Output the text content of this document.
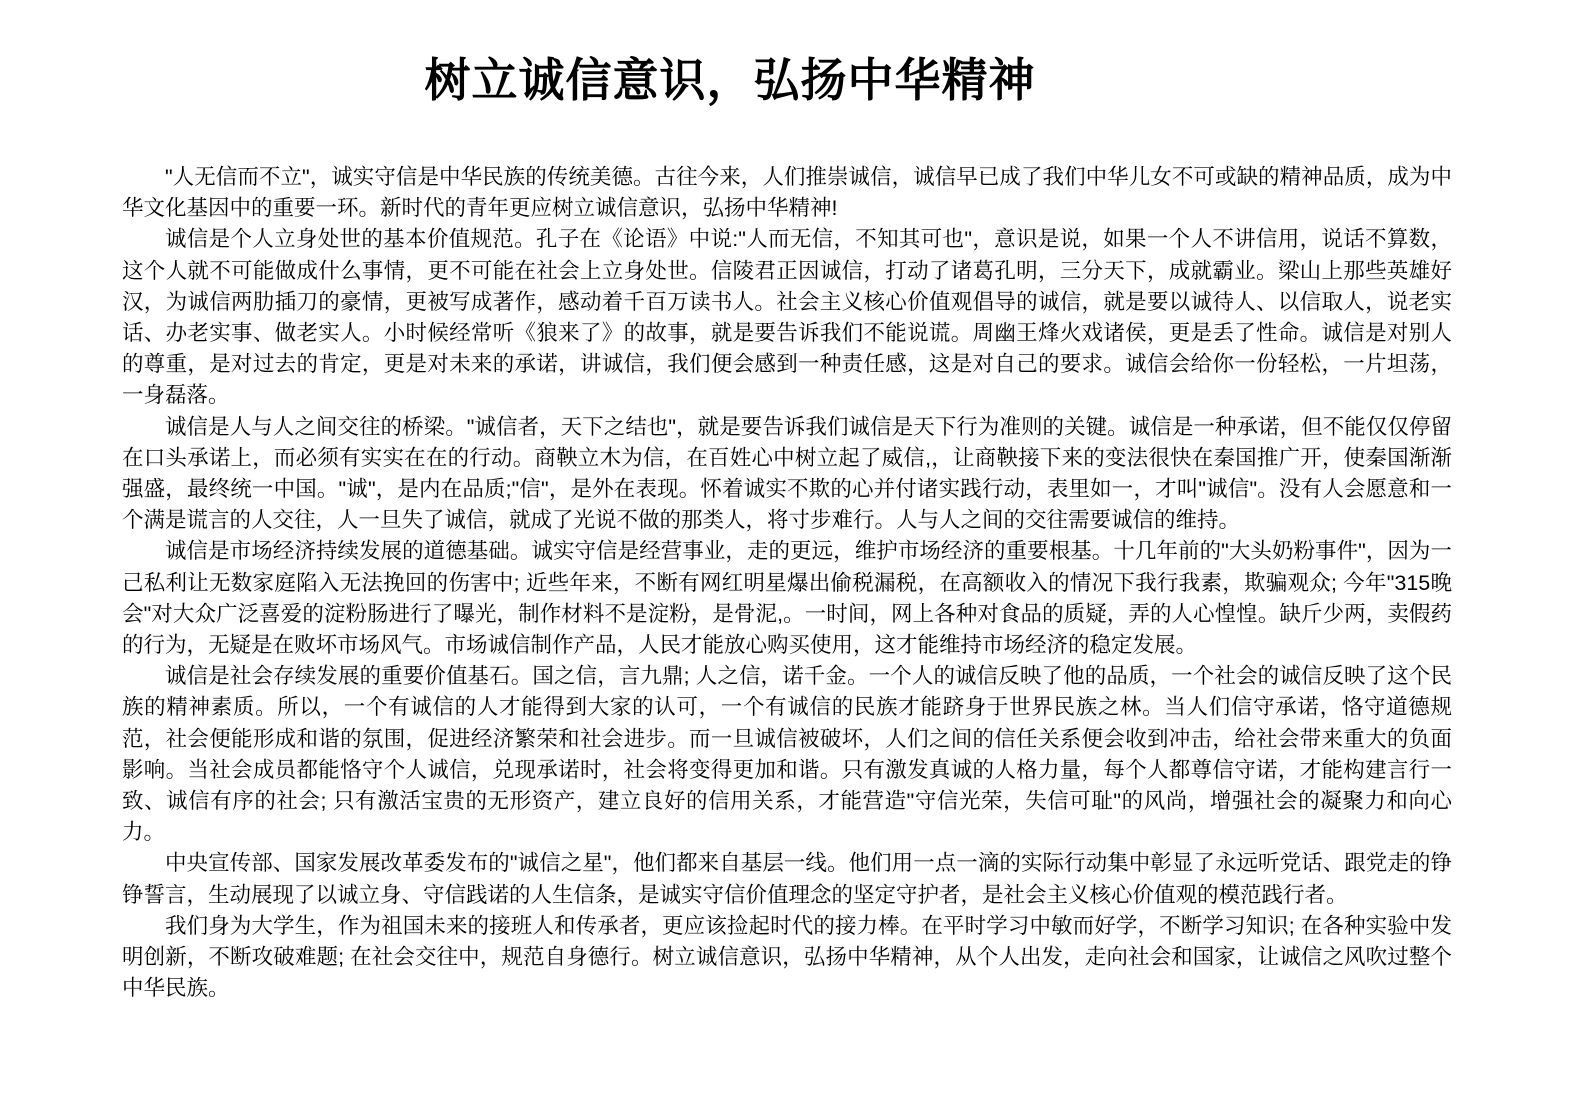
树立诚信意识，弘扬中华精神

"人无信而不立"，诚实守信是中华民族的传统美德。古往今来，人们推崇诚信，诚信早已成了我们中华儿女不可或缺的精神品质，成为中华文化基因中的重要一环。新时代的青年更应树立诚信意识，弘扬中华精神!

诚信是个人立身处世的基本价值规范。孔子在《论语》中说:"人而无信，不知其可也"，意识是说，如果一个人不讲信用，说话不算数，这个人就不可能做成什么事情，更不可能在社会上立身处世。信陵君正因诚信，打动了诸葛孔明，三分天下，成就霸业。梁山上那些英雄好汉，为诚信两肋插刀的豪情，更被写成著作，感动着千百万读书人。社会主义核心价值观倡导的诚信，就是要以诚待人、以信取人，说老实话、办老实事、做老实人。小时候经常听《狼来了》的故事，就是要告诉我们不能说谎。周幽王烽火戏诸侯，更是丢了性命。诚信是对别人的尊重，是对过去的肯定，更是对未来的承诺，讲诚信，我们便会感到一种责任感，这是对自己的要求。诚信会给你一份轻松，一片坦荡，一身磊落。

诚信是人与人之间交往的桥梁。"诚信者，天下之结也"，就是要告诉我们诚信是天下行为准则的关键。诚信是一种承诺，但不能仅仅停留在口头承诺上，而必须有实实在在的行动。商鞅立木为信，在百姓心中树立起了威信,，让商鞅接下来的变法很快在秦国推广开，使秦国渐渐强盛，最终统一中国。"诚"，是内在品质;"信"，是外在表现。怀着诚实不欺的心并付诸实践行动，表里如一，才叫"诚信"。没有人会愿意和一个满是谎言的人交往，人一旦失了诚信，就成了光说不做的那类人，将寸步难行。人与人之间的交往需要诚信的维持。

诚信是市场经济持续发展的道德基础。诚实守信是经营事业，走的更远，维护市场经济的重要根基。十几年前的"大头奶粉事件"，因为一己私利让无数家庭陷入无法挽回的伤害中; 近些年来，不断有网红明星爆出偷税漏税，在高额收入的情况下我行我素，欺骗观众; 今年"315晚会"对大众广泛喜爱的淀粉肠进行了曝光，制作材料不是淀粉，是骨泥,。一时间，网上各种对食品的质疑，弄的人心惶惶。缺斤少两，卖假药的行为，无疑是在败坏市场风气。市场诚信制作产品，人民才能放心购买使用，这才能维持市场经济的稳定发展。

诚信是社会存续发展的重要价值基石。国之信，言九鼎; 人之信，诺千金。一个人的诚信反映了他的品质，一个社会的诚信反映了这个民族的精神素质。所以，一个有诚信的人才能得到大家的认可，一个有诚信的民族才能跻身于世界民族之林。当人们信守承诺，恪守道德规范，社会便能形成和谐的氛围，促进经济繁荣和社会进步。而一旦诚信被破坏，人们之间的信任关系便会收到冲击，给社会带来重大的负面影响。当社会成员都能恪守个人诚信，兑现承诺时，社会将变得更加和谐。只有激发真诚的人格力量，每个人都尊信守诺，才能构建言行一致、诚信有序的社会; 只有激活宝贵的无形资产，建立良好的信用关系，才能营造"守信光荣，失信可耻"的风尚，增强社会的凝聚力和向心力。

中央宣传部、国家发展改革委发布的"诚信之星"，他们都来自基层一线。他们用一点一滴的实际行动集中彰显了永远听党话、跟党走的铮铮誓言，生动展现了以诚立身、守信践诺的人生信条，是诚实守信价值理念的坚定守护者，是社会主义核心价值观的模范践行者。

我们身为大学生，作为祖国未来的接班人和传承者，更应该捡起时代的接力棒。在平时学习中敏而好学，不断学习知识; 在各种实验中发明创新，不断攻破难题; 在社会交往中，规范自身德行。树立诚信意识，弘扬中华精神，从个人出发，走向社会和国家，让诚信之风吹过整个中华民族。
